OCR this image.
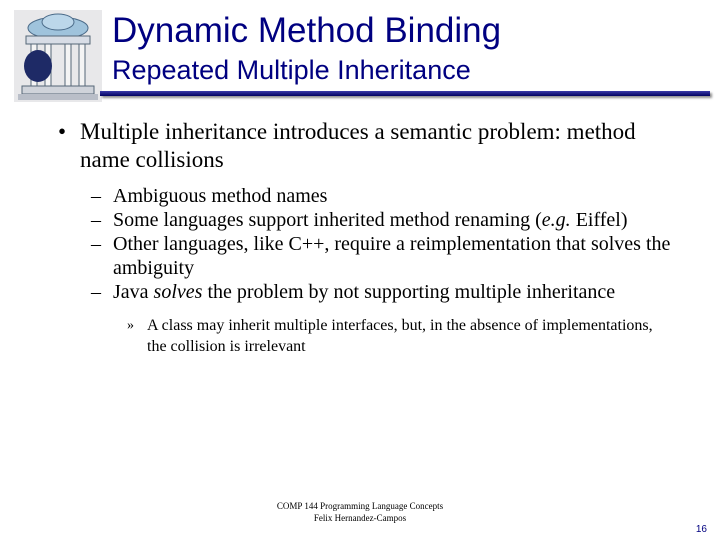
Dynamic Method Binding
Repeated Multiple Inheritance
• Multiple inheritance introduces a semantic problem: method name collisions
– Ambiguous method names
– Some languages support inherited method renaming (e.g. Eiffel)
– Other languages, like C++, require a reimplementation that solves the ambiguity
– Java solves the problem by not supporting multiple inheritance
» A class may inherit multiple interfaces, but, in the absence of implementations, the collision is irrelevant
COMP 144 Programming Language Concepts
Felix Hernandez-Campos
16
